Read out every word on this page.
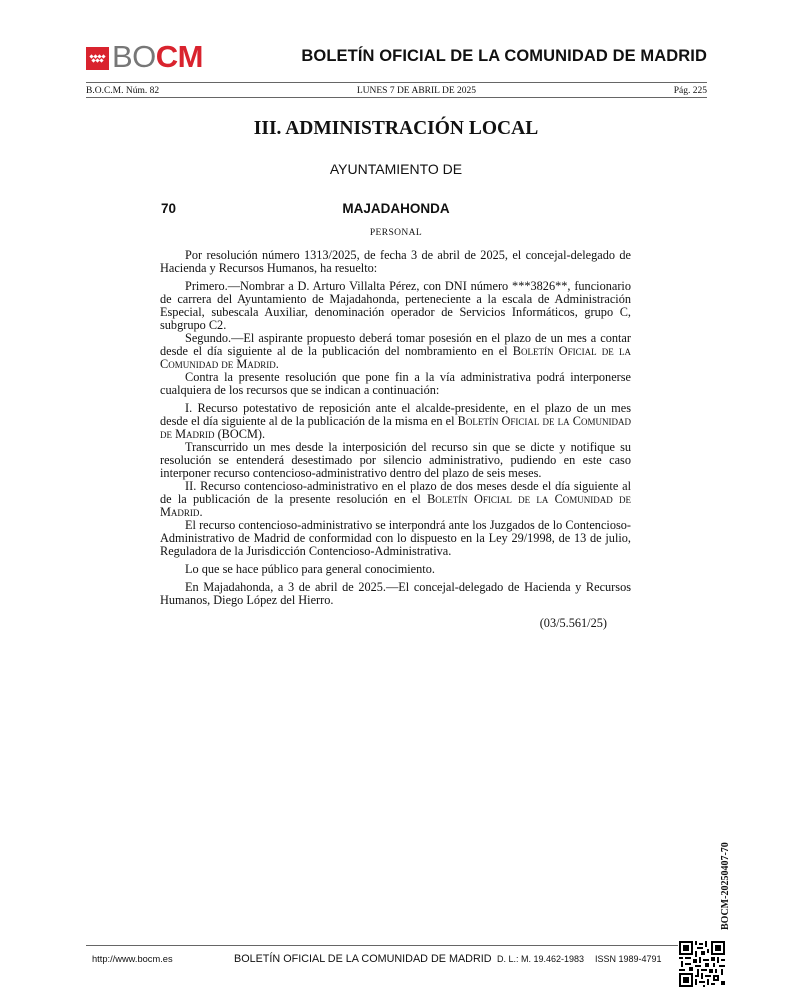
BOCM	BOLETÍN OFICIAL DE LA COMUNIDAD DE MADRID
B.O.C.M. Núm. 82	LUNES 7 DE ABRIL DE 2025	Pág. 225
III. ADMINISTRACIÓN LOCAL
AYUNTAMIENTO DE
70	MAJADAHONDA
PERSONAL

Por resolución número 1313/2025, de fecha 3 de abril de 2025, el concejal-delegado de Hacienda y Recursos Humanos, ha resuelto:

Primero.—Nombrar a D. Arturo Villalta Pérez, con DNI número ***3826**, funcionario de carrera del Ayuntamiento de Majadahonda, perteneciente a la escala de Administración Especial, subescala Auxiliar, denominación operador de Servicios Informáticos, grupo C, subgrupo C2.

Segundo.—El aspirante propuesto deberá tomar posesión en el plazo de un mes a contar desde el día siguiente al de la publicación del nombramiento en el Boletín Oficial de la Comunidad de Madrid.

Contra la presente resolución que pone fin a la vía administrativa podrá interponerse cualquiera de los recursos que se indican a continuación:

I. Recurso potestativo de reposición ante el alcalde-presidente, en el plazo de un mes desde el día siguiente al de la publicación de la misma en el Boletín Oficial de la Comunidad de Madrid (BOCM).

Transcurrido un mes desde la interposición del recurso sin que se dicte y notifique su resolución se entenderá desestimado por silencio administrativo, pudiendo en este caso interponer recurso contencioso-administrativo dentro del plazo de seis meses.

II. Recurso contencioso-administrativo en el plazo de dos meses desde el día siguiente al de la publicación de la presente resolución en el Boletín Oficial de la Comunidad de Madrid.

El recurso contencioso-administrativo se interpondrá ante los Juzgados de lo Contencioso-Administrativo de Madrid de conformidad con lo dispuesto en la Ley 29/1998, de 13 de julio, Reguladora de la Jurisdicción Contencioso-Administrativa.

Lo que se hace público para general conocimiento.

En Majadahonda, a 3 de abril de 2025.—El concejal-delegado de Hacienda y Recursos Humanos, Diego López del Hierro.

(03/5.561/25)
BOCM-20250407-70
http://www.bocm.es	BOLETÍN OFICIAL DE LA COMUNIDAD DE MADRID D. L.: M. 19.462-1983	ISSN 1989-4791
